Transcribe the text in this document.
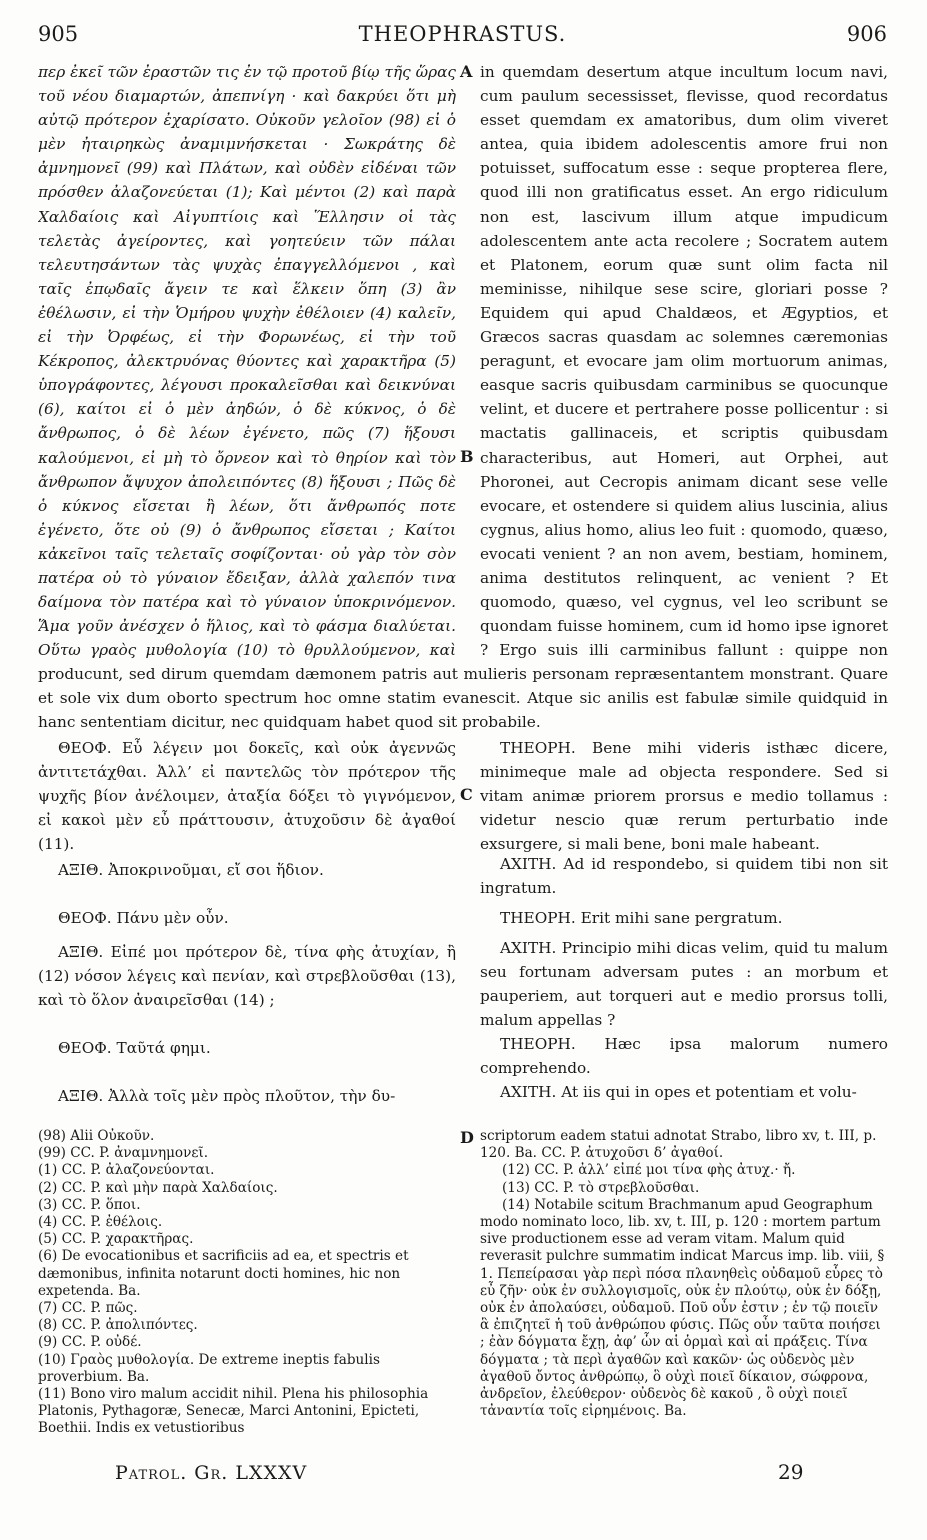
905	THEOPHRASTUS.	906

περ ἐκεῖ τῶν ἐραστῶν τις ἐν τῷ προτοῦ βίῳ τῆς ὥρας τοῦ νέου διαμαρτών, ἀπεπνίγη · καὶ δακρύει ὅτι μὴ αὐτῷ πρότερον ἐχαρίσατο. Οὐκοῦν γελοῖον (98) εἰ ὁ μὲν ἠταιρηκὼς ἀναμιμνήσκεται · Σωκράτης δὲ ἀμνημονεῖ (99) καὶ Πλάτων, καὶ οὐδὲν εἰδέναι τῶν πρόσθεν ἀλαζονεύεται (1); Καὶ μέντοι (2) καὶ παρὰ Χαλδαίοις καὶ Αἰγυπτίοις καὶ Ἕλλησιν οἱ τὰς τελετὰς ἀγείροντες, καὶ γοητεύειν τῶν πάλαι τελευτησάντων τὰς ψυχὰς ἐπαγγελλόμενοι , καὶ ταῖς ἐπῳδαῖς ἄγειν τε καὶ ἕλκειν ὅπη (3) ἂν ἐθέλωσιν, εἰ τὴν Ὁμήρου ψυχὴν ἐθέλοιεν (4) καλεῖν, εἰ τὴν Ὀρφέως, εἰ τὴν Φορωνέως, εἰ τὴν τοῦ Κέκροπος, ἀλεκτρυόνας θύοντες καὶ χαρακτῆρα (5) ὑπογράφοντες, λέγουσι προκαλεῖσθαι καὶ δεικνύναι (6), καίτοι εἰ ὁ μὲν ἀηδών, ὁ δὲ κύκνος, ὁ δὲ ἄνθρωπος, ὁ δὲ λέων ἐγένετο, πῶς (7) ἥξουσι καλούμενοι, εἰ μὴ τὸ ὄρνεον καὶ τὸ θηρίον καὶ τὸν ἄνθρωπον ἄψυχον ἀπολειπόντες (8) ἥξουσι ; Πῶς δὲ ὁ κύκνος εἴσεται ἢ λέων, ὅτι ἄνθρωπός ποτε ἐγένετο, ὅτε οὐ (9) ὁ ἄνθρωπος εἴσεται ; Καίτοι κἀκεῖνοι ταῖς τελεταῖς σοφίζονται· οὐ γὰρ τὸν σὸν πατέρα οὐ τὸ γύναιον ἔδειξαν, ἀλλὰ χαλεπόν τινα δαίμονα τὸν πατέρα καὶ τὸ γύναιον ὑποκρινόμενον. Ἅμα γοῦν ἀνέσχεν ὁ ἥλιος, καὶ τὸ φάσμα διαλύεται. Οὕτω γραὸς μυθολογία (10) τὸ θρυλλούμενον, καὶ

A
B

in quemdam desertum atque incultum locum navi, cum paulum secessisset, flevisse, quod recordatus esset quemdam ex amatoribus, dum olim viveret antea, quia ibidem adolescentis amore frui non potuisset, suffocatum esse : seque propterea flere, quod illi non gratificatus esset. An ergo ridiculum non est, lascivum illum atque impudicum adolescentem ante acta recolere ; Socratem autem et Platonem, eorum quæ sunt olim facta nil meminisse, nihilque sese scire, gloriari posse ? Equidem qui apud Chaldæos, et Ægyptios, et Græcos sacras quasdam ac solemnes cæremonias peragunt, et evocare jam olim mortuorum animas, easque sacris quibusdam carminibus se quocunque velint, et ducere et pertrahere posse pollicentur : si mactatis gallinaceis, et scriptis quibusdam characteribus, aut Homeri, aut Orphei, aut Phoronei, aut Cecropis animam dicant sese velle evocare, et ostendere si quidem alius luscinia, alius cygnus, alius homo, alius leo fuit : quomodo, quæso, evocati venient ? an non avem, bestiam, hominem, anima destitutos relinquent, ac venient ? Et quomodo, quæso, vel cygnus, vel leo scribunt se quondam fuisse hominem, cum id homo ipse ignoret ? Ergo suis illi carminibus fallunt : quippe non

producunt, sed dirum quemdam dæmonem patris aut mulieris personam repræsentantem monstrant. Quare et sole vix dum oborto spectrum hoc omne statim evanescit. Atque sic anilis est fabulæ simile quidquid in hanc sententiam dicitur, nec quidquam habet quod sit probabile.
C

ΘΕΟΦ. Εὖ λέγειν μοι δοκεῖς, καὶ οὐκ ἀγεννῶς ἀντιτετάχθαι. Ἀλλ’ εἰ παντελῶς τὸν πρότερον τῆς ψυχῆς βίον ἀνέλοιμεν, ἀταξία δόξει τὸ γιγνόμενον, εἰ κακοὶ μὲν εὖ πράττουσιν, ἀτυχοῦσιν δὲ ἀγαθοί (11).

ΑΞΙΘ. Ἀποκρινοῦμαι, εἴ σοι ἥδιον.

ΘΕΟΦ. Πάνυ μὲν οὖν.

ΑΞΙΘ. Εἰπέ μοι πρότερον δὲ, τίνα φὴς ἀτυχίαν, ἢ (12) νόσον λέγεις καὶ πενίαν, καὶ στρεβλοῦσθαι (13), καὶ τὸ ὅλον ἀναιρεῖσθαι (14) ;

ΘΕΟΦ. Ταῦτά φημι.

ΑΞΙΘ. Ἀλλὰ τοῖς μὲν πρὸς πλοῦτον, τὴν δυ-

THEOPH. Bene mihi videris isthæc dicere, minimeque male ad objecta respondere. Sed si vitam animæ priorem prorsus e medio tollamus : videtur nescio quæ rerum perturbatio inde exsurgere, si mali bene, boni male habeant.

AXITH. Ad id respondebo, si quidem tibi non sit ingratum.

THEOPH. Erit mihi sane pergratum.

AXITH. Principio mihi dicas velim, quid tu malum seu fortunam adversam putes : an morbum et pauperiem, aut torqueri aut e medio prorsus tolli, malum appellas ?

THEOPH. Hæc ipsa malorum numero comprehendo.

AXITH. At iis qui in opes et potentiam et volu-

(98) Alii Οὐκοῦν.

(99) CC. P. ἀναμνημονεῖ.

(1) CC. P. ἀλαζονεύονται.

(2) CC. P. καὶ μὴν παρὰ Χαλδαίοις.

(3) CC. P. ὅποι.

(4) CC. P. ἐθέλοις.

(5) CC. P. χαρακτῆρας.

(6) De evocationibus et sacrificiis ad ea, et spectris et dæmonibus, infinita notarunt docti homines, hic non expetenda. Ba.

(7) CC. P. πῶς.

(8) CC. P. ἀπολιπόντες.

(9) CC. P. οὐδέ.

(10) Γραὸς μυθολογία. De extreme ineptis fabulis proverbium. Ba.

(11) Bono viro malum accidit nihil. Plena his philosophia Platonis, Pythagoræ, Senecæ, Marci Antonini, Epicteti, Boethii. Indis ex vetustioribus

D scriptorum eadem statui adnotat Strabo, libro xv, t. III, p. 120. Ba. CC. P. ἀτυχοῦσι δ’ ἀγαθοί.

(12) CC. P. ἀλλ’ εἰπέ μοι τίνα φὴς ἀτυχ.· ἤ.

(13) CC. P. τὸ στρεβλοῦσθαι.

(14) Notabile scitum Brachmanum apud Geographum modo nominato loco, lib. xv, t. III, p. 120 : mortem partum sive productionem esse ad veram vitam. Malum quid reverasit pulchre summatim indicat Marcus imp. lib. viii, § 1. Πεπείρασαι γὰρ περὶ πόσα πλανηθεὶς οὐδαμοῦ εὗρες τὸ εὖ ζῆν· οὐκ ἐν συλλογισμοῖς, οὐκ ἐν πλούτῳ, οὐκ ἐν δόξῃ, οὐκ ἐν ἀπολαύσει, οὐδαμοῦ. Ποῦ οὖν ἐστιν ; ἐν τῷ ποιεῖν ἃ ἐπιζητεῖ ἡ τοῦ ἀνθρώπου φύσις. Πῶς οὖν ταῦτα ποιήσει ; ἐὰν δόγματα ἔχῃ, ἀφ’ ὧν αἱ ὁρμαὶ καὶ αἱ πράξεις. Τίνα δόγματα ; τὰ περὶ ἀγαθῶν καὶ κακῶν· ὡς οὐδενὸς μὲν ἀγαθοῦ ὄντος ἀνθρώπῳ, ὃ οὐχὶ ποιεῖ δίκαιον, σώφρονα, ἀνδρεῖον, ἐλεύθερον· οὐδενὸς δὲ κακοῦ , ὃ οὐχὶ ποιεῖ τἀναντία τοῖς εἰρημένοις. Ba.

Patrol. Gr. LXXXV	29
